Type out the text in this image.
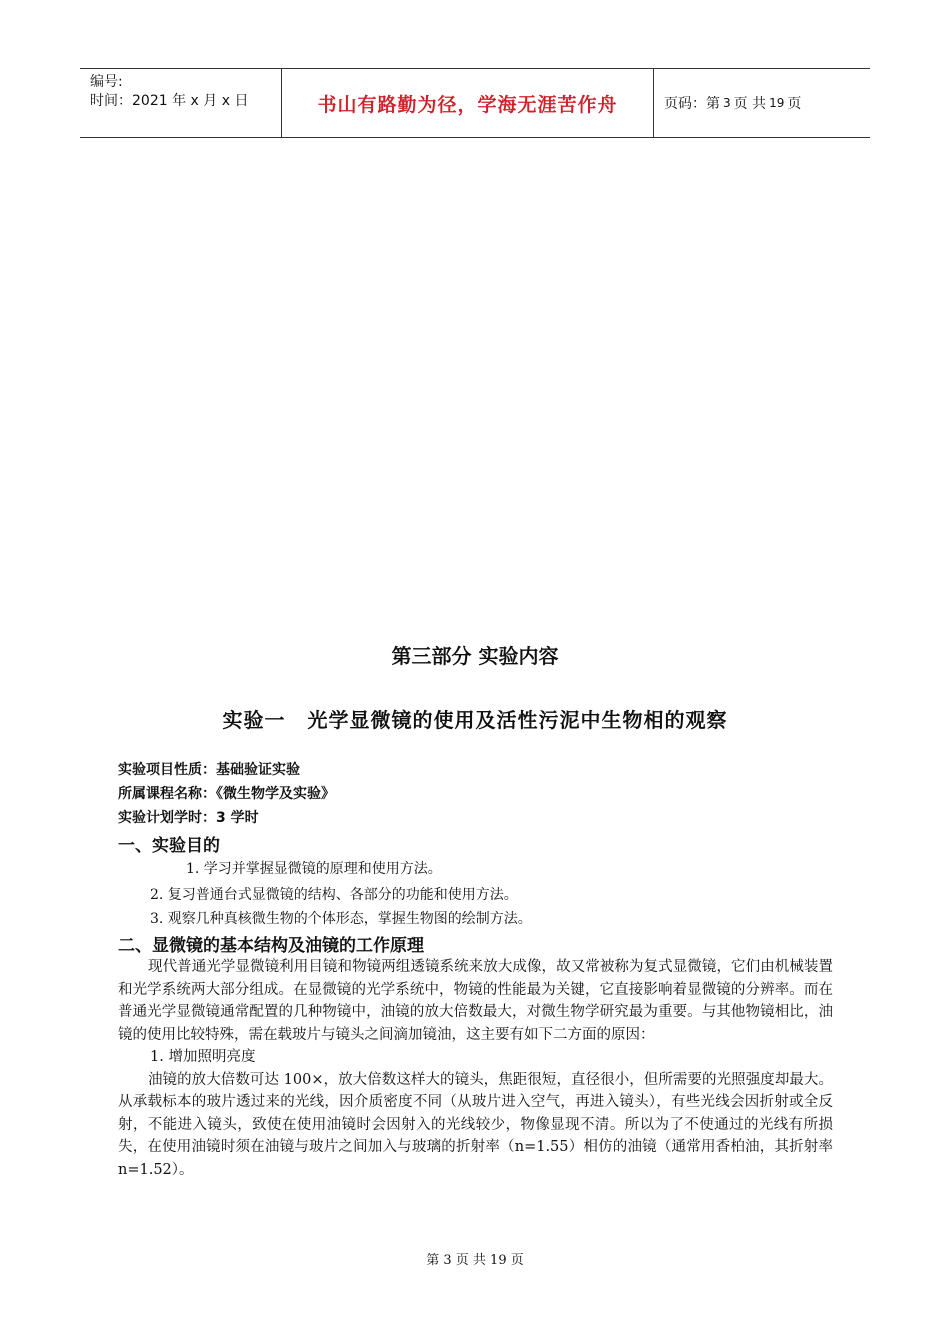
编号:
时间：2021 年 x 月 x 日	书山有路勤为径，学海无涯苦作舟	页码：第 3 页 共 19 页
第三部分 实验内容
实验一 光学显微镜的使用及活性污泥中生物相的观察
实验项目性质：基础验证实验
所属课程名称：《微生物学及实验》
实验计划学时：3 学时
一、实验目的
1. 学习并掌握显微镜的原理和使用方法。
2. 复习普通台式显微镜的结构、各部分的功能和使用方法。
3. 观察几种真核微生物的个体形态，掌握生物图的绘制方法。
二、显微镜的基本结构及油镜的工作原理

现代普通光学显微镜利用目镜和物镜两组透镜系统来放大成像，故又常被称为复式显微镜，它们由机械装置和光学系统两大部分组成。在显微镜的光学系统中，物镜的性能最为关键，它直接影响着显微镜的分辨率。而在普通光学显微镜通常配置的几种物镜中，油镜的放大倍数最大，对微生物学研究最为重要。与其他物镜相比，油镜的使用比较特殊，需在载玻片与镜头之间滴加镜油，这主要有如下二方面的原因：

1. 增加照明亮度

油镜的放大倍数可达 100×，放大倍数这样大的镜头，焦距很短，直径很小，但所需要的光照强度却最大。从承载标本的玻片透过来的光线，因介质密度不同（从玻片进入空气，再进入镜头），有些光线会因折射或全反射，不能进入镜头，致使在使用油镜时会因射入的光线较少，物像显现不清。所以为了不使通过的光线有所损失，在使用油镜时须在油镜与玻片之间加入与玻璃的折射率（n=1.55）相仿的油镜（通常用香柏油，其折射率 n=1.52）。

第 3 页 共 19 页
